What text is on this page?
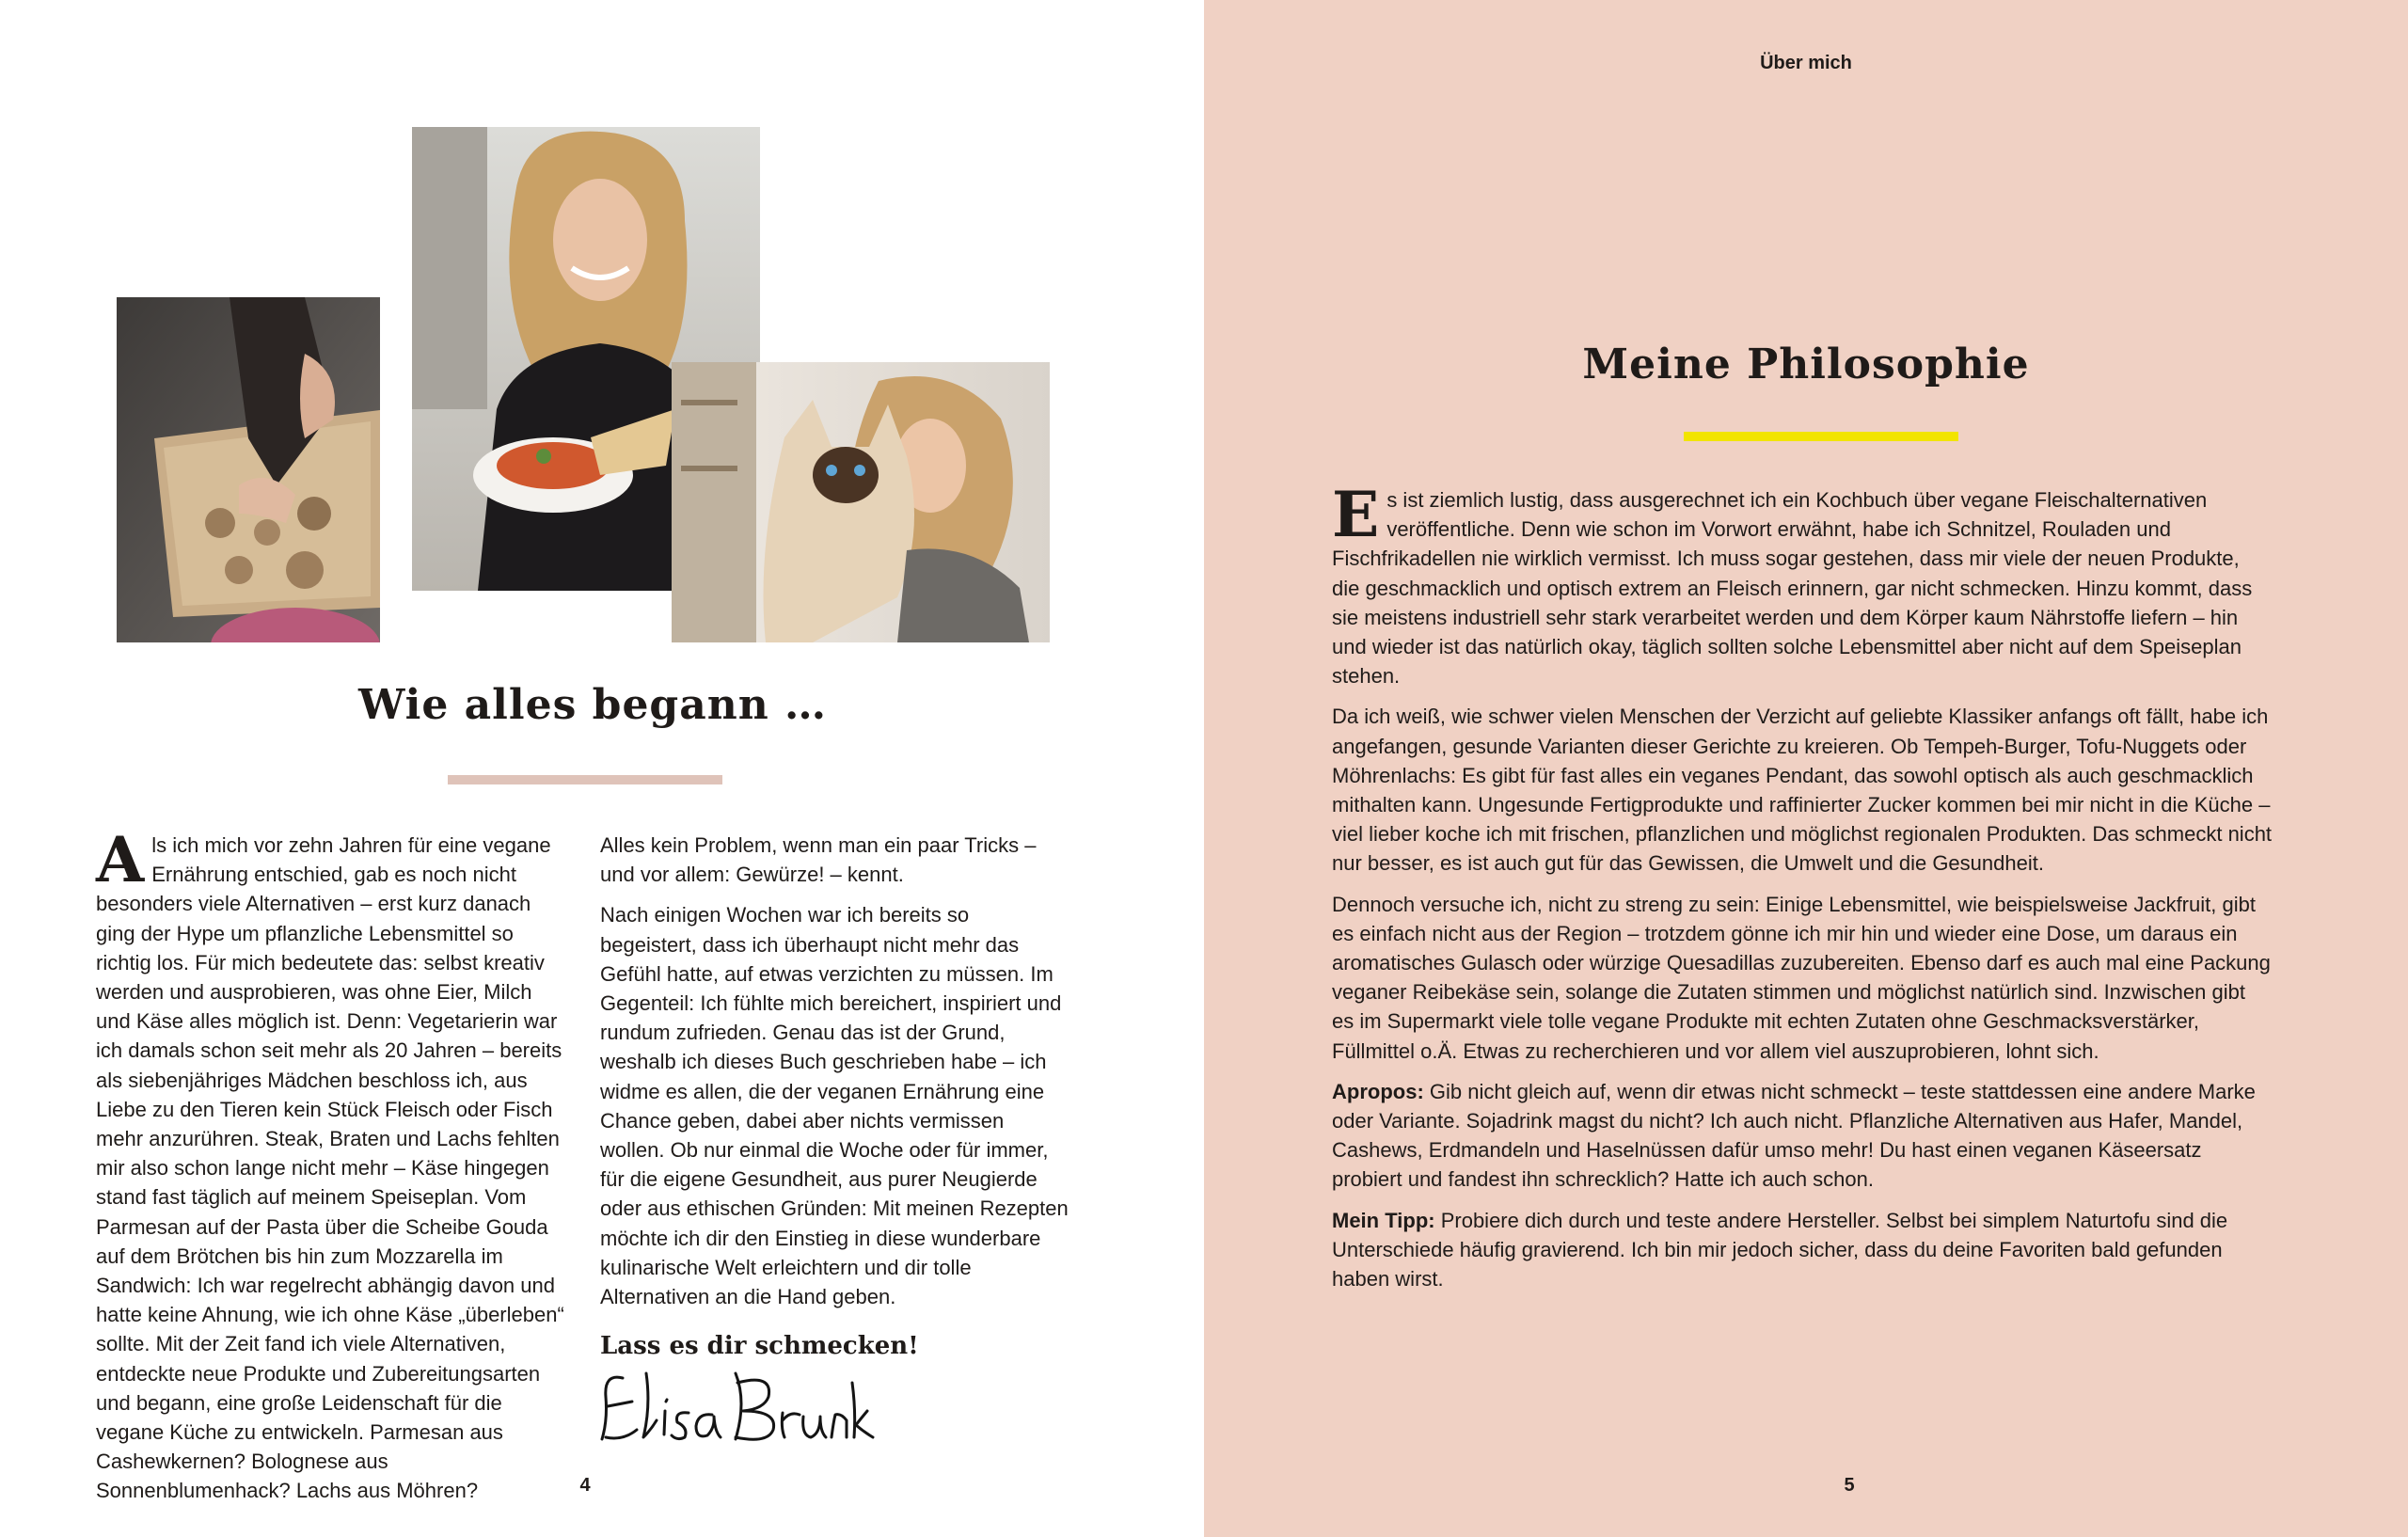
Wie alles begann …

Als ich mich vor zehn Jahren für eine vegane Ernährung entschied, gab es noch nicht besonders viele Alternativen – erst kurz danach ging der Hype um pflanzliche Lebensmittel so richtig los. Für mich bedeutete das: selbst kreativ werden und ausprobieren, was ohne Eier, Milch und Käse alles möglich ist. Denn: Vegetarierin war ich damals schon seit mehr als 20 Jahren – bereits als siebenjähriges Mädchen beschloss ich, aus Liebe zu den Tieren kein Stück Fleisch oder Fisch mehr anzurühren. Steak, Braten und Lachs fehlten mir also schon lange nicht mehr – Käse hingegen stand fast täglich auf meinem Speiseplan. Vom Parmesan auf der Pasta über die Scheibe Gouda auf dem Brötchen bis hin zum Mozzarella im Sandwich: Ich war regelrecht abhängig davon und hatte keine Ahnung, wie ich ohne Käse „überleben“ sollte. Mit der Zeit fand ich viele Alternativen, entdeckte neue Produkte und Zubereitungsarten und begann, eine große Leidenschaft für die vegane Küche zu entwickeln. Parmesan aus Cashewkernen? Bolognese aus Sonnenblumenhack? Lachs aus Möhren?

Alles kein Problem, wenn man ein paar Tricks – und vor allem: Gewürze! – kennt.

Nach einigen Wochen war ich bereits so begeistert, dass ich überhaupt nicht mehr das Gefühl hatte, auf etwas verzichten zu müssen. Im Gegenteil: Ich fühlte mich bereichert, inspiriert und rundum zufrieden. Genau das ist der Grund, weshalb ich dieses Buch geschrieben habe – ich widme es allen, die der veganen Ernährung eine Chance geben, dabei aber nichts vermissen wollen. Ob nur einmal die Woche oder für immer, für die eigene Gesundheit, aus purer Neugierde oder aus ethischen Gründen: Mit meinen Rezepten möchte ich dir den Einstieg in diese wunderbare kulinarische Welt erleichtern und dir tolle Alternativen an die Hand geben.

Lass es dir schmecken!
4
Über mich
Meine Philosophie

Es ist ziemlich lustig, dass ausgerechnet ich ein Kochbuch über vegane Fleischalternativen veröffentliche. Denn wie schon im Vorwort erwähnt, habe ich Schnitzel, Rouladen und Fischfrikadellen nie wirklich vermisst. Ich muss sogar gestehen, dass mir viele der neuen Produkte, die geschmacklich und optisch extrem an Fleisch erinnern, gar nicht schmecken. Hinzu kommt, dass sie meistens industriell sehr stark verarbeitet werden und dem Körper kaum Nährstoffe liefern – hin und wieder ist das natürlich okay, täglich sollten solche Lebensmittel aber nicht auf dem Speiseplan stehen.

Da ich weiß, wie schwer vielen Menschen der Verzicht auf geliebte Klassiker anfangs oft fällt, habe ich angefangen, gesunde Varianten dieser Gerichte zu kreieren. Ob Tempeh-Burger, Tofu-Nuggets oder Möhrenlachs: Es gibt für fast alles ein veganes Pendant, das sowohl optisch als auch geschmacklich mithalten kann. Ungesunde Fertigprodukte und raffinierter Zucker kommen bei mir nicht in die Küche – viel lieber koche ich mit frischen, pflanzlichen und möglichst regionalen Produkten. Das schmeckt nicht nur besser, es ist auch gut für das Gewissen, die Umwelt und die Gesundheit.

Dennoch versuche ich, nicht zu streng zu sein: Einige Lebensmittel, wie beispielsweise Jackfruit, gibt es einfach nicht aus der Region – trotzdem gönne ich mir hin und wieder eine Dose, um daraus ein aromatisches Gulasch oder würzige Quesadillas zuzubereiten. Ebenso darf es auch mal eine Packung veganer Reibekäse sein, solange die Zutaten stimmen und möglichst natürlich sind. Inzwischen gibt es im Supermarkt viele tolle vegane Produkte mit echten Zutaten ohne Geschmacksverstärker, Füllmittel o.Ä. Etwas zu recherchieren und vor allem viel auszuprobieren, lohnt sich.

Apropos: Gib nicht gleich auf, wenn dir etwas nicht schmeckt – teste stattdessen eine andere Marke oder Variante. Sojadrink magst du nicht? Ich auch nicht. Pflanzliche Alternativen aus Hafer, Mandel, Cashews, Erdmandeln und Haselnüssen dafür umso mehr! Du hast einen veganen Käseersatz probiert und fandest ihn schrecklich? Hatte ich auch schon.

Mein Tipp: Probiere dich durch und teste andere Hersteller. Selbst bei simplem Naturtofu sind die Unterschiede häufig gravierend. Ich bin mir jedoch sicher, dass du deine Favoriten bald gefunden haben wirst.

5
